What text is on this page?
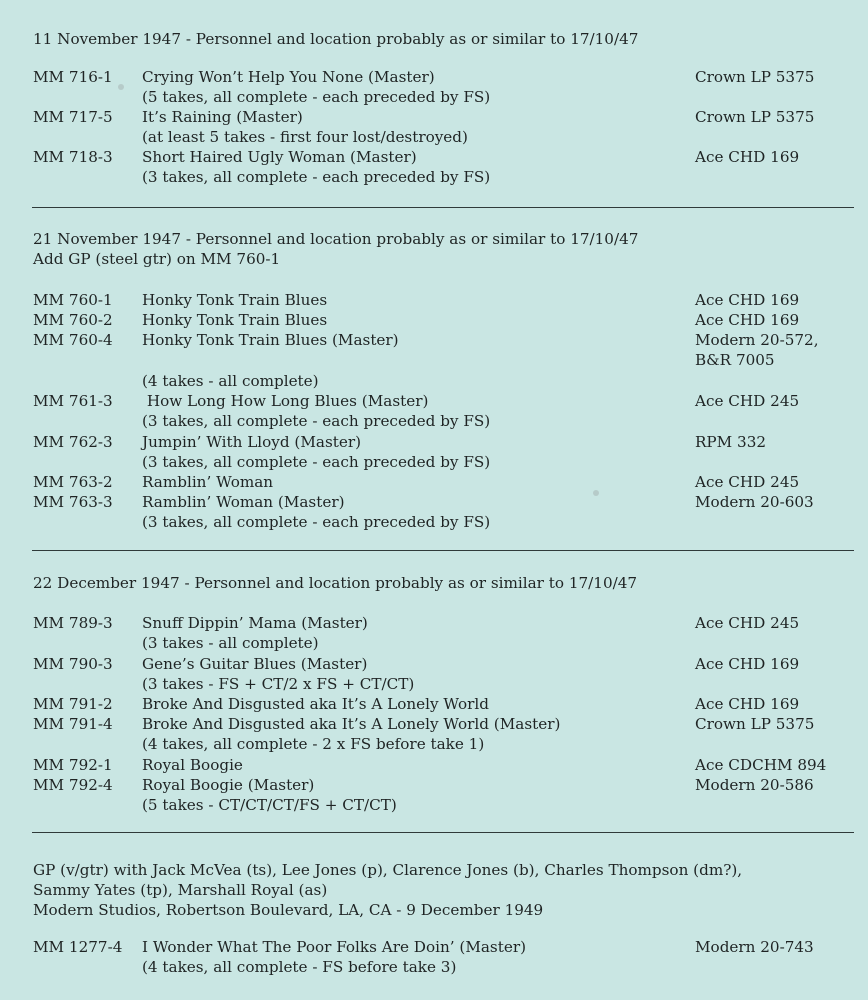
11 November 1947 - Personnel and location probably as or similar to 17/10/47
MM 716-1 Crying Won’t Help You None (Master)	Crown LP 5375
(5 takes, all complete - each preceded by FS)
MM 717-5 It’s Raining (Master)	Crown LP 5375
(at least 5 takes - first four lost/destroyed)
MM 718-3 Short Haired Ugly Woman (Master)	Ace CHD 169
(3 takes, all complete - each preceded by FS)
21 November 1947 - Personnel and location probably as or similar to 17/10/47
Add GP (steel gtr) on MM 760-1
MM 760-1 Honky Tonk Train Blues	Ace CHD 169
MM 760-2 Honky Tonk Train Blues	Ace CHD 169
MM 760-4 Honky Tonk Train Blues (Master)	Modern 20-572,
B&R 7005
(4 takes - all complete)
MM 761-3 How Long How Long Blues (Master)	Ace CHD 245
(3 takes, all complete - each preceded by FS)
MM 762-3 Jumpin’ With Lloyd (Master)	RPM 332
(3 takes, all complete - each preceded by FS)
MM 763-2 Ramblin’ Woman	Ace CHD 245
MM 763-3 Ramblin’ Woman (Master)	Modern 20-603
(3 takes, all complete - each preceded by FS)
22 December 1947 - Personnel and location probably as or similar to 17/10/47
MM 789-3 Snuff Dippin’ Mama (Master)	Ace CHD 245
(3 takes - all complete)
MM 790-3 Gene’s Guitar Blues (Master)	Ace CHD 169
(3 takes - FS + CT/2 x FS + CT/CT)
MM 791-2 Broke And Disgusted aka It’s A Lonely World	Ace CHD 169
MM 791-4 Broke And Disgusted aka It’s A Lonely World (Master)	Crown LP 5375
(4 takes, all complete - 2 x FS before take 1)
MM 792-1 Royal Boogie	Ace CDCHM 894
MM 792-4 Royal Boogie (Master)	Modern 20-586
(5 takes - CT/CT/CT/FS + CT/CT)
GP (v/gtr) with Jack McVea (ts), Lee Jones (p), Clarence Jones (b), Charles Thompson (dm?),
Sammy Yates (tp), Marshall Royal (as)
Modern Studios, Robertson Boulevard, LA, CA - 9 December 1949
MM 1277-4 I Wonder What The Poor Folks Are Doin’ (Master)	Modern 20-743
(4 takes, all complete - FS before take 3)
